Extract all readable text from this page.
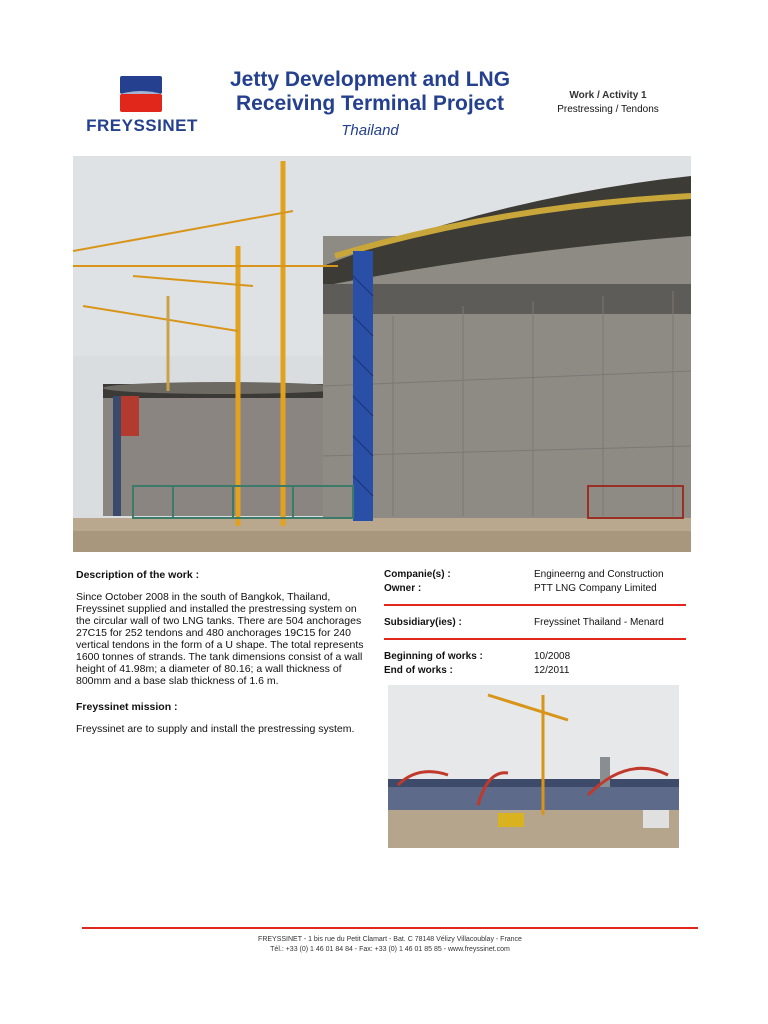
FREYSSINET
Jetty Development and LNG
Receiving Terminal Project
Thailand
Work / Activity 1
Prestressing / Tendons

Description of the work :

Since October 2008 in the south of Bangkok, Thailand, Freyssinet supplied and installed the prestressing system on the circular wall of two LNG tanks. There are 504 anchorages 27C15 for 252 tendons and 480 anchorages 19C15 for 240 vertical tendons in the form of a U shape. The total represents 1600 tonnes of strands. The tank dimensions consist of a wall height of 41.98m; a diameter of 80.16; a wall thickness of 800mm and a base slab thickness of 1.6 m.

Freyssinet mission :

Freyssinet are to supply and install the prestressing system.

Companie(s) :	Engineerng and Construction
Owner :	PTT LNG Company Limited
Subsidiary(ies) :	Freyssinet Thailand - Menard
Beginning of works :	10/2008
End of works :	12/2011
FREYSSINET - 1 bis rue du Petit Clamart - Bat. C 78148 Vélizy Villacoublay - France
Tél.: +33 (0) 1 46 01 84 84 - Fax: +33 (0) 1 46 01 85 85 - www.freyssinet.com
